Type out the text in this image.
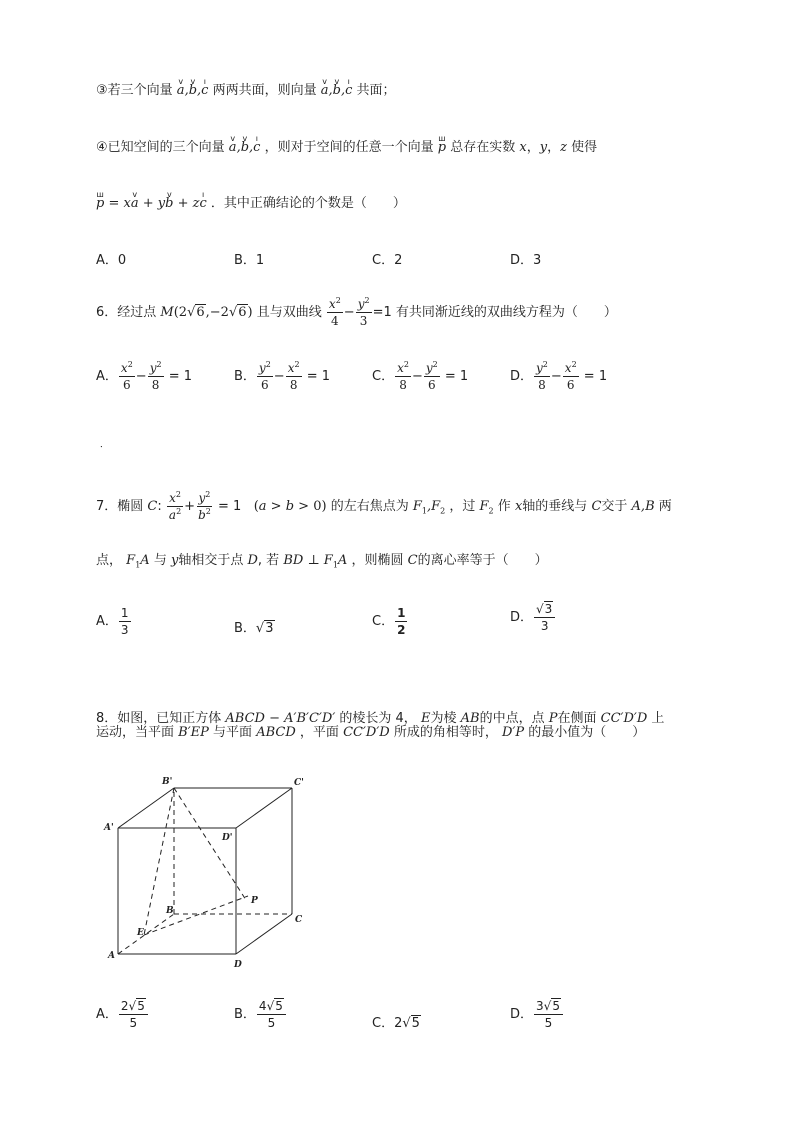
③若三个向量 v a,v b,ı c 两两共面，则向量 v a,v b,ı c 共面；
④已知空间的三个向量 v a,v b,ı c ，则对于空间的任意一个向量 ш p 总存在实数 x，y，z 使得
ш p = xv a + yv b + zı c ．其中正确结论的个数是（　　）
A．0	B．1	C．2	D．3
6．经过点 M(2√6,−2√6) 且与双曲线 $\frac{x^2}{4} - \frac{y^2}{3} =1$ 有共同渐近线的双曲线方程为（　　）
A． $\frac{x^2}{6} - \frac{y^2}{8} = 1$	B． $\frac{y^2}{6} - \frac{x^2}{8} = 1$	C． $\frac{x^2}{8} - \frac{y^2}{6} = 1$	D． $\frac{y^2}{8} - \frac{x^2}{6} = 1$
．
7．椭圆 C: $\frac{x^2}{a^2} + \frac{y^2}{b^2} = 1$ (a > b > 0) 的左右焦点为 $F_1,F_2$ ，过 $F_2$ 作 x轴的垂线与 C交于 A,B 两
点， $F_1A$ 与 y轴相交于点 D, 若 BD ⊥ $F_1A$ ，则椭圆 C的离心率等于（　　）
A． $\frac{1}{3}$	B．√3	C． $\frac{1}{2}$	D． $\frac{√3}{3}$
8．如图，已知正方体 ABCD − A′B′C′D′ 的棱长为 4， E为棱 AB的中点，点 P在侧面 CC′D′D 上
运动，当平面 B′EP 与平面 ABCD ，平面 CC′D′D 所成的角相等时， D′P 的最小值为（　　）
B'	C'
A'
D'
B
P
C
E
A
D
A． $\frac{2√5}{5}$	B． $\frac{4√5}{5}$	C．2√5
D． $\frac{3√5}{5}$
